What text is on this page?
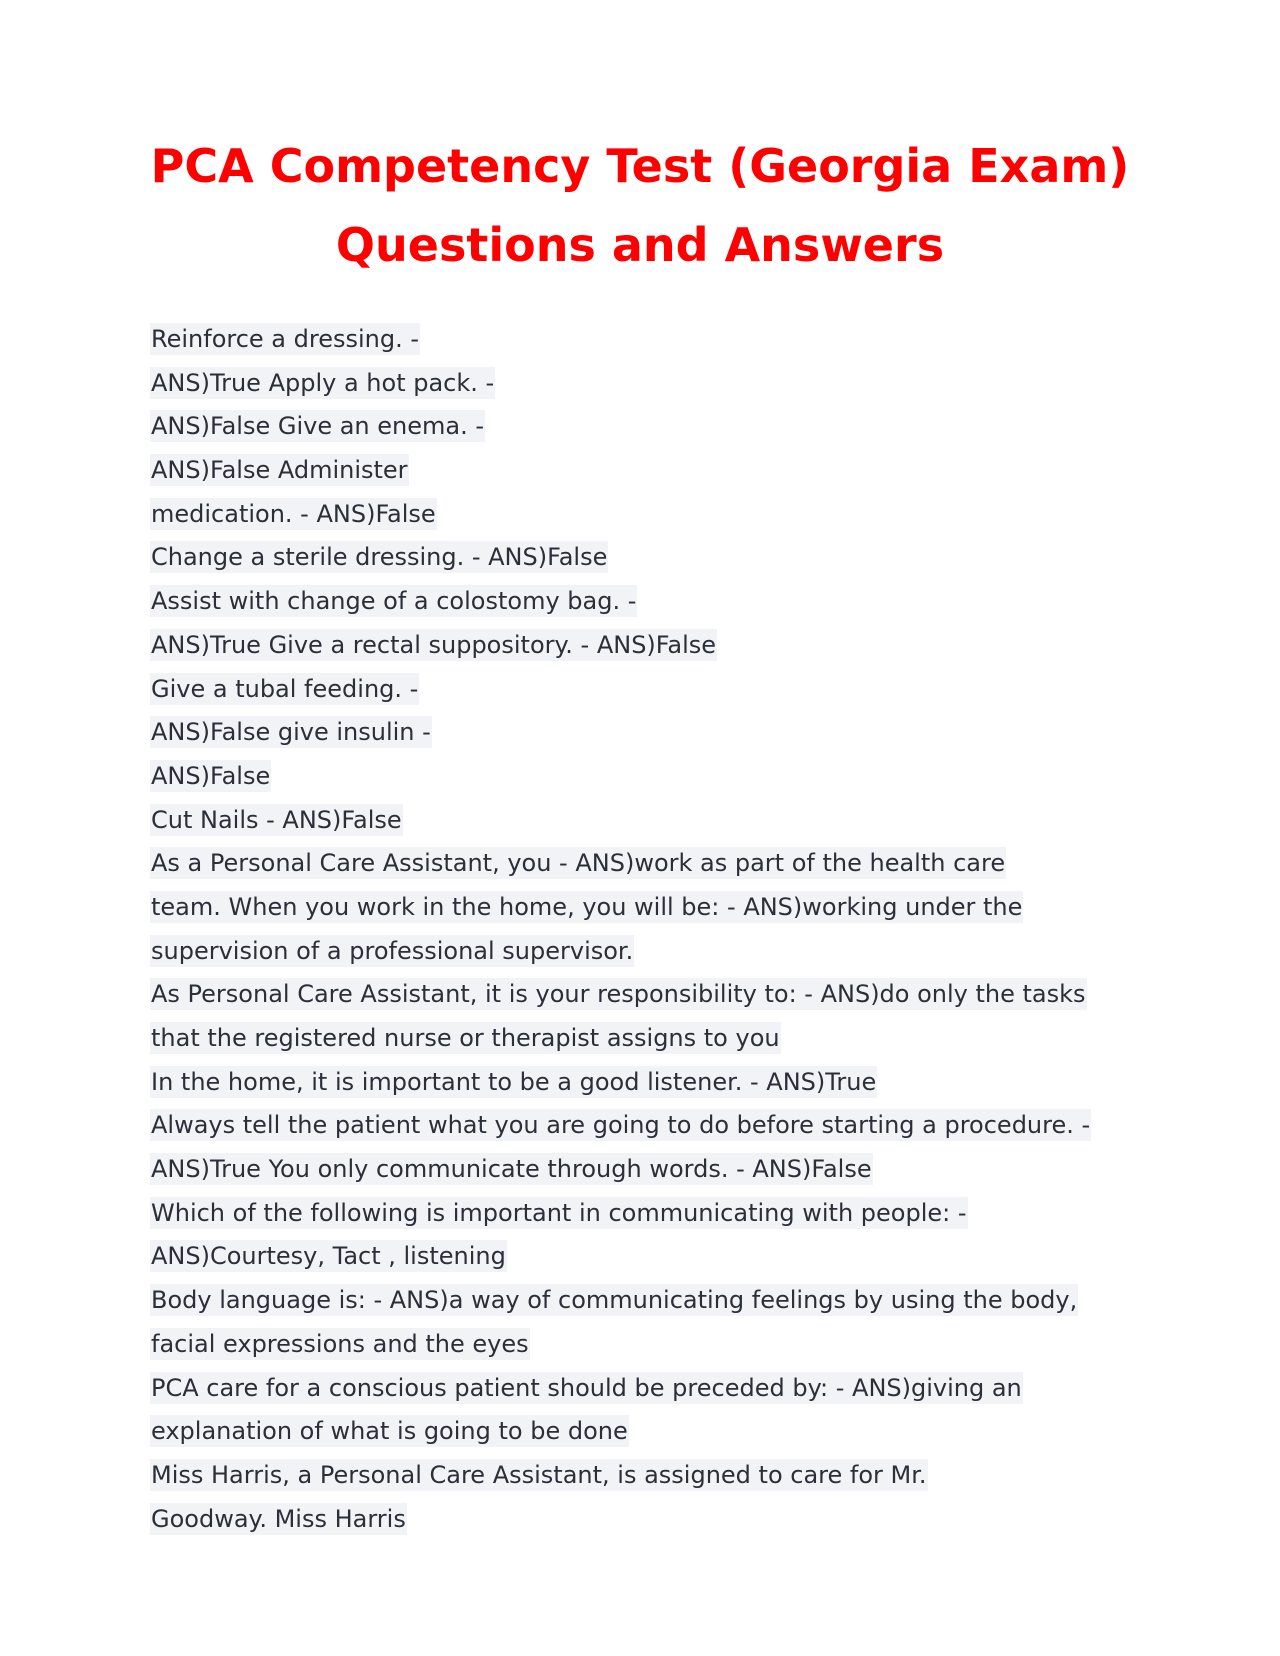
PCA Competency Test (Georgia Exam)
Questions and Answers
Reinforce a dressing. -
ANS)True Apply a hot pack. -
ANS)False Give an enema. -
ANS)False Administer
medication. - ANS)False
Change a sterile dressing. - ANS)False
Assist with change of a colostomy bag. -
ANS)True Give a rectal suppository. - ANS)False
Give a tubal feeding. -
ANS)False give insulin -
ANS)False
Cut Nails - ANS)False
As a Personal Care Assistant, you - ANS)work as part of the health care
team. When you work in the home, you will be: - ANS)working under the
supervision of a professional supervisor.
As Personal Care Assistant, it is your responsibility to: - ANS)do only the tasks
that the registered nurse or therapist assigns to you
In the home, it is important to be a good listener. - ANS)True
Always tell the patient what you are going to do before starting a procedure. -
ANS)True You only communicate through words. - ANS)False
Which of the following is important in communicating with people: -
ANS)Courtesy, Tact , listening
Body language is: - ANS)a way of communicating feelings by using the body,
facial expressions and the eyes
PCA care for a conscious patient should be preceded by: - ANS)giving an
explanation of what is going to be done
Miss Harris, a Personal Care Assistant, is assigned to care for Mr.
Goodway. Miss Harris
